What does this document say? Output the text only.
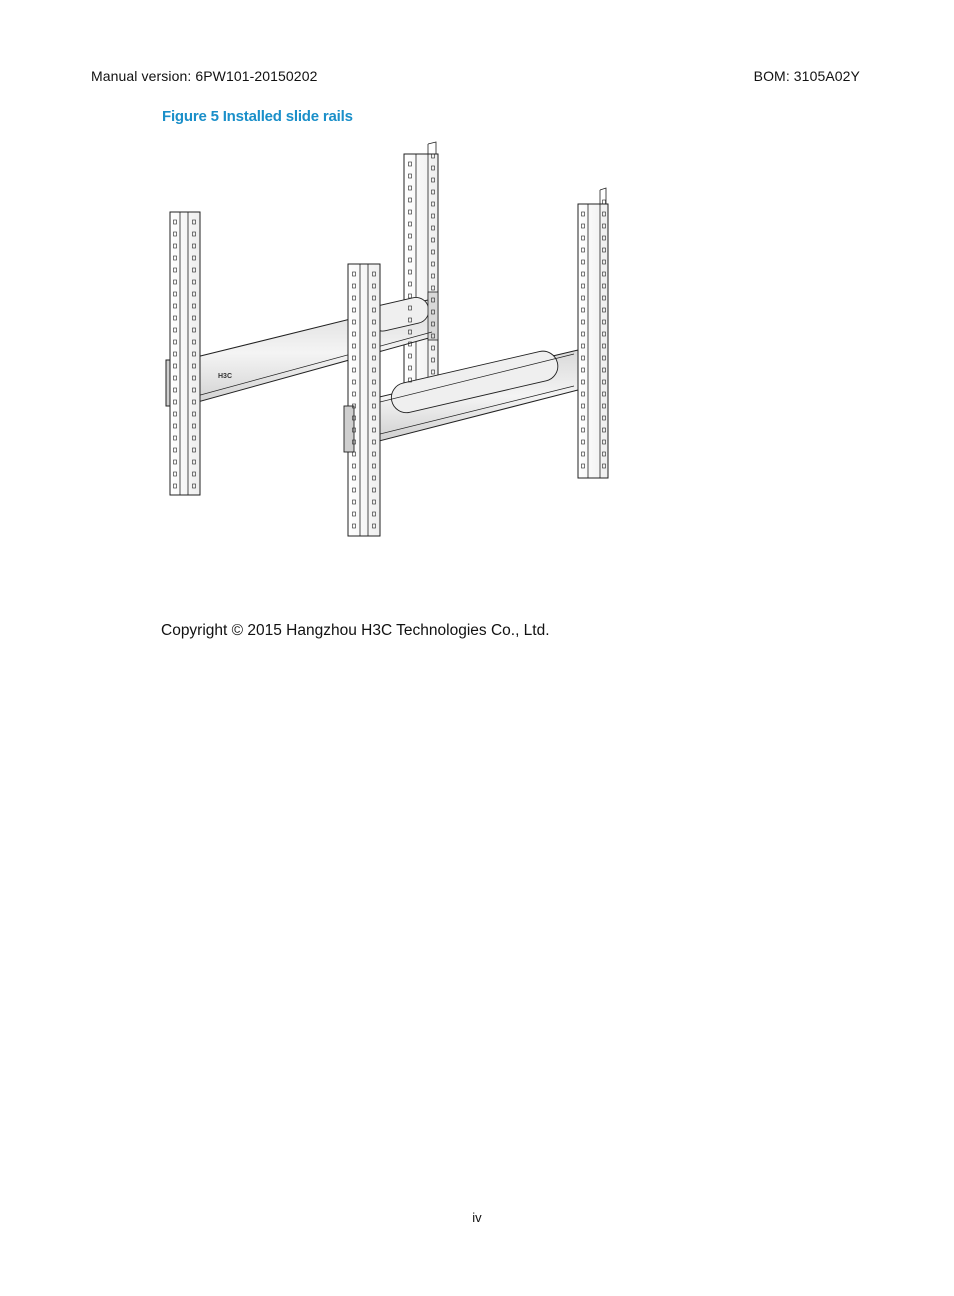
Manual version: 6PW101-20150202	BOM: 3105A02Y
Figure 5 Installed slide rails
H3C
Copyright © 2015 Hangzhou H3C Technologies Co., Ltd.
iv
